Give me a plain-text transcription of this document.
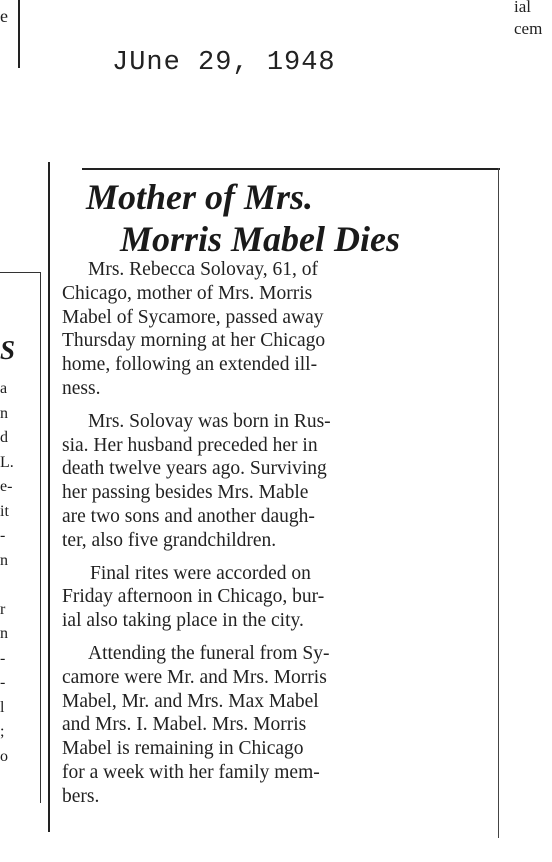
e	ial
cem
JUne 29, 1948
S
a
n
d
L.
e-
it
-
n

r
n
-
-
l
;
o
Mother of Mrs.
Morris Mabel Dies

Mrs. Rebecca Solovay, 61, of
Chicago, mother of Mrs. Morris
Mabel of Sycamore, passed away
Thursday morning at her Chicago
home, following an extended ill-
ness.

Mrs. Solovay was born in Rus-
sia. Her husband preceded her in
death twelve years ago. Surviving
her passing besides Mrs. Mable
are two sons and another daugh-
ter, also five grandchildren.

Final rites were accorded on
Friday afternoon in Chicago, bur-
ial also taking place in the city.

Attending the funeral from Sy-
camore were Mr. and Mrs. Morris
Mabel, Mr. and Mrs. Max Mabel
and Mrs. I. Mabel. Mrs. Morris
Mabel is remaining in Chicago
for a week with her family mem-
bers.
